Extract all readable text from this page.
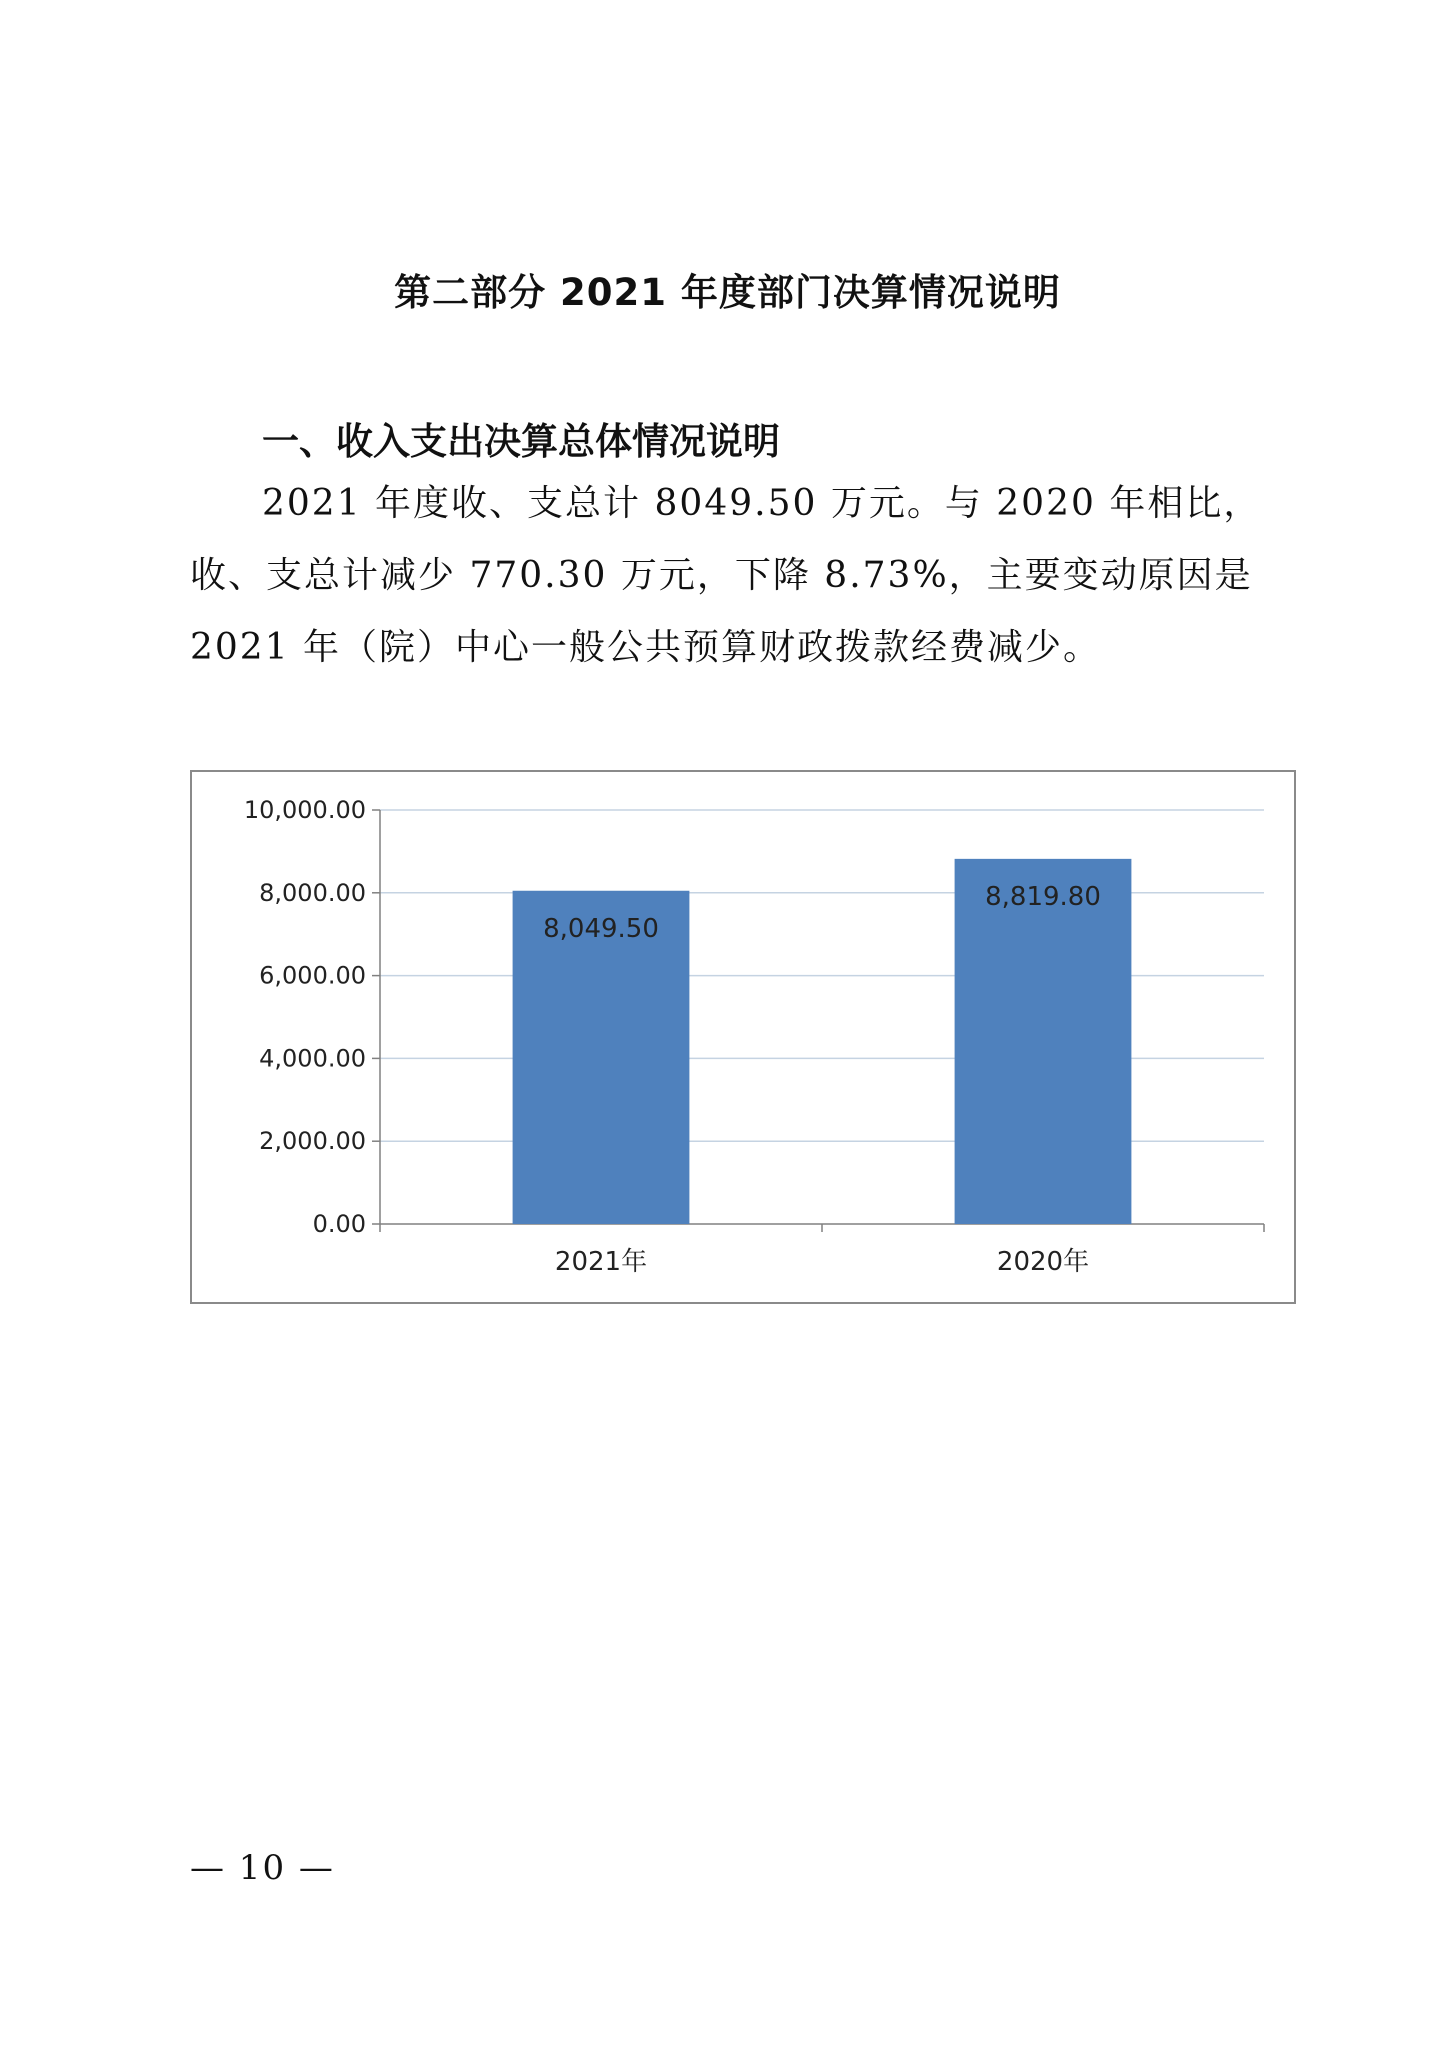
第二部分 2021 年度部门决算情况说明
一、收入支出决算总体情况说明

2021 年度收、支总计 8049.50 万元。与 2020 年相比，收、支总计减少 770.30 万元，下降 8.73%，主要变动原因是 2021 年（院）中心一般公共预算财政拨款经费减少。

0.00
2,000.00
4,000.00
6,000.00
8,000.00
10,000.00
8,049.50
2021年
8,819.80
2020年
— 10 —
